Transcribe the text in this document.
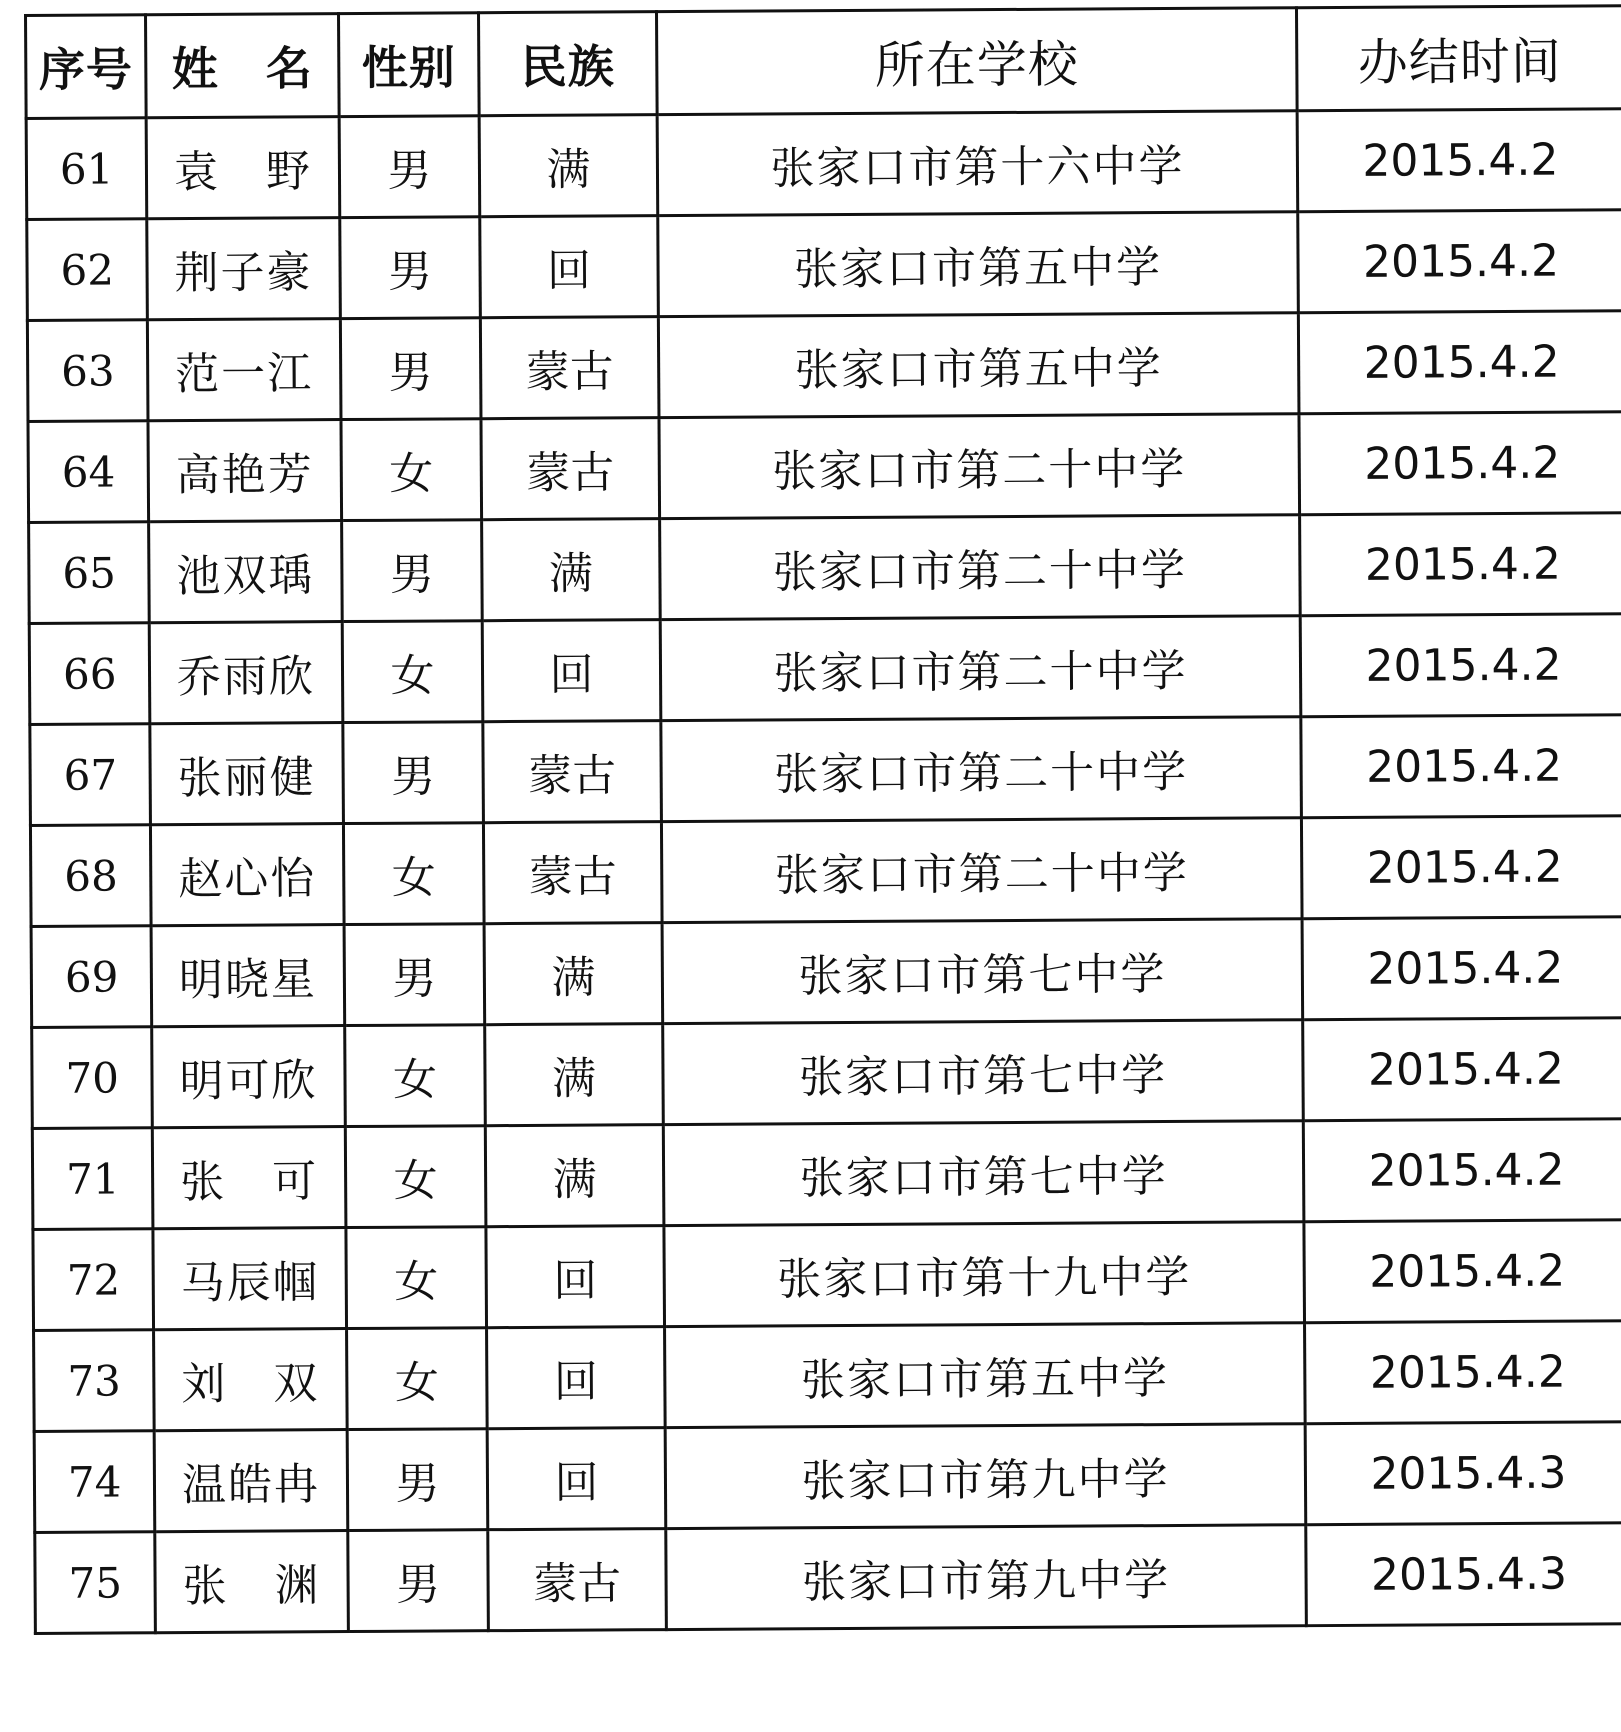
序号	姓　名	性别	民族	所在学校	办结时间
61	袁　野	男	满	张家口市第十六中学	2015.4.2
62	荆子豪	男	回	张家口市第五中学	2015.4.2
63	范一江	男	蒙古	张家口市第五中学	2015.4.2
64	高艳芳	女	蒙古	张家口市第二十中学	2015.4.2
65	池双瑀	男	满	张家口市第二十中学	2015.4.2
66	乔雨欣	女	回	张家口市第二十中学	2015.4.2
67	张丽健	男	蒙古	张家口市第二十中学	2015.4.2
68	赵心怡	女	蒙古	张家口市第二十中学	2015.4.2
69	明晓星	男	满	张家口市第七中学	2015.4.2
70	明可欣	女	满	张家口市第七中学	2015.4.2
71	张　可	女	满	张家口市第七中学	2015.4.2
72	马辰帼	女	回	张家口市第十九中学	2015.4.2
73	刘　双	女	回	张家口市第五中学	2015.4.2
74	温皓冉	男	回	张家口市第九中学	2015.4.3
75	张　渊	男	蒙古	张家口市第九中学	2015.4.3
